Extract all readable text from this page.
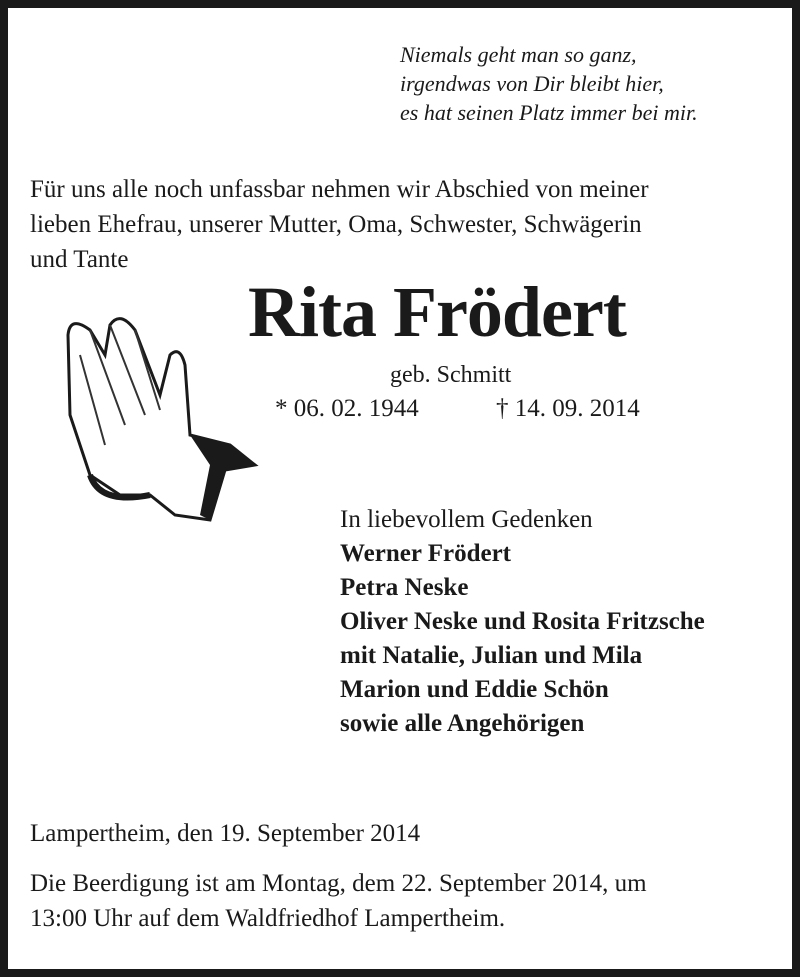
Niemals geht man so ganz,
irgendwas von Dir bleibt hier,
es hat seinen Platz immer bei mir.
Für uns alle noch unfassbar nehmen wir Abschied von meiner
lieben Ehefrau, unserer Mutter, Oma, Schwester, Schwägerin
und Tante
Rita Frödert
geb. Schmitt
* 06. 02. 1944	† 14. 09. 2014
In liebevollem Gedenken
Werner Frödert
Petra Neske
Oliver Neske und Rosita Fritzsche
mit Natalie, Julian und Mila
Marion und Eddie Schön
sowie alle Angehörigen
Lampertheim, den 19. September 2014
Die Beerdigung ist am Montag, dem 22. September 2014, um
13:00 Uhr auf dem Waldfriedhof Lampertheim.
